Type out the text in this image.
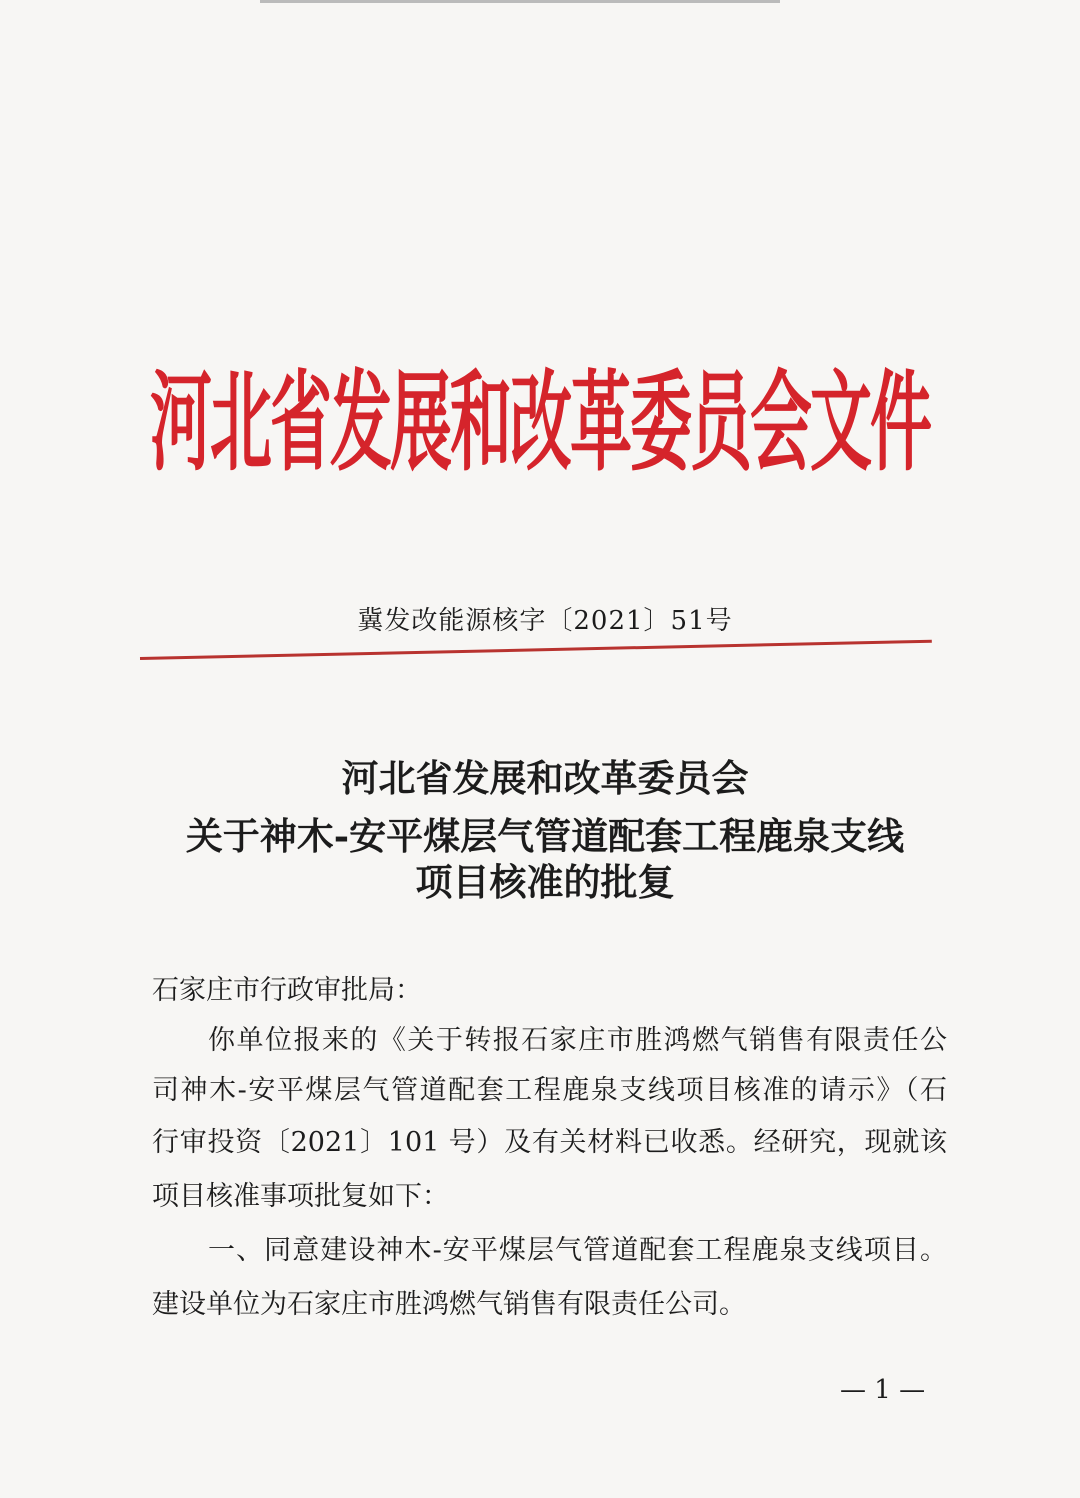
河北省发展和改革委员会文件
冀发改能源核字〔2021〕51号
河北省发展和改革委员会
关于神木-安平煤层气管道配套工程鹿泉支线
项目核准的批复
石家庄市行政审批局：
你单位报来的《关于转报石家庄市胜鸿燃气销售有限责任公
司神木-安平煤层气管道配套工程鹿泉支线项目核准的请示》（石
行审投资〔2021〕101 号）及有关材料已收悉。经研究，现就该
项目核准事项批复如下：
一、同意建设神木-安平煤层气管道配套工程鹿泉支线项目。
建设单位为石家庄市胜鸿燃气销售有限责任公司。
— 1 —
